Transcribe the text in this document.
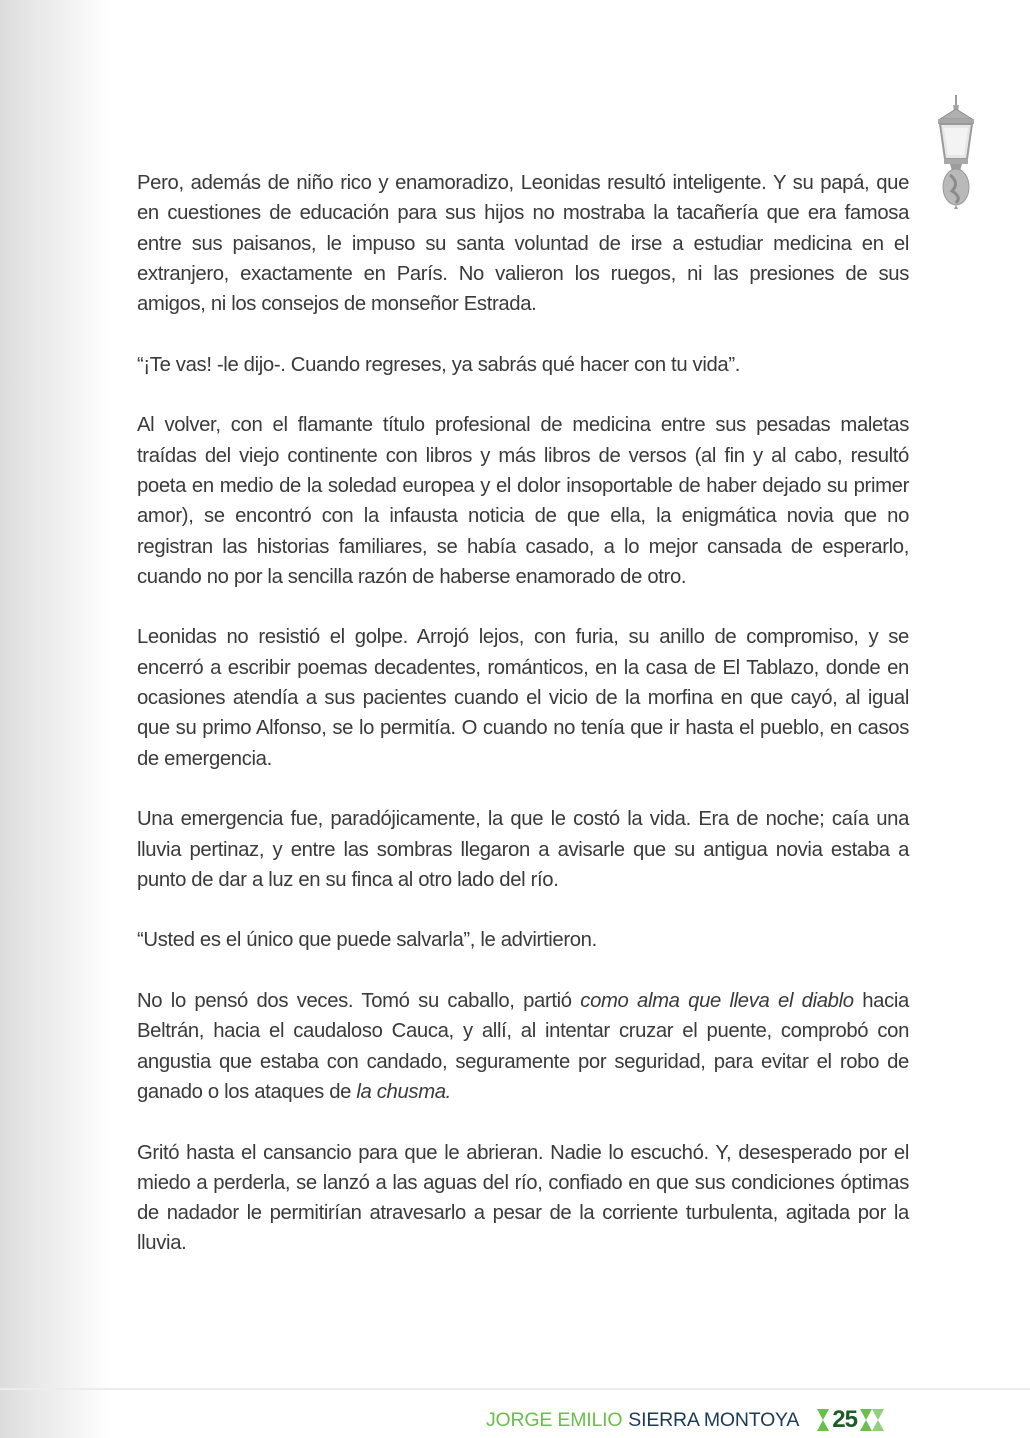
Pero, además de niño rico y enamoradizo, Leonidas resultó inteligente. Y su papá, que en cuestiones de educación para sus hijos no mostraba la tacañería que era famosa entre sus paisanos, le impuso su santa voluntad de irse a estudiar medicina en el extranjero, exactamente en París. No valieron los ruegos, ni las presiones de sus amigos, ni los consejos de monseñor Estrada.

“¡Te vas! -le dijo-. Cuando regreses, ya sabrás qué hacer con tu vida”.

Al volver, con el flamante título profesional de medicina entre sus pesadas maletas traídas del viejo continente con libros y más libros de versos (al fin y al cabo, resultó poeta en medio de la soledad europea y el dolor insoportable de haber dejado su primer amor), se encontró con la infausta noticia de que ella, la enigmática novia que no registran las historias familiares, se había casado, a lo mejor cansada de esperarlo, cuando no por la sencilla razón de haberse enamorado de otro.

Leonidas no resistió el golpe. Arrojó lejos, con furia, su anillo de compromiso, y se encerró a escribir poemas decadentes, románticos, en la casa de El Tablazo, donde en ocasiones atendía a sus pacientes cuando el vicio de la morfina en que cayó, al igual que su primo Alfonso, se lo permitía. O cuando no tenía que ir hasta el pueblo, en casos de emergencia.

Una emergencia fue, paradójicamente, la que le costó la vida. Era de noche; caía una lluvia pertinaz, y entre las sombras llegaron a avisarle que su antigua novia estaba a punto de dar a luz en su finca al otro lado del río.

“Usted es el único que puede salvarla”, le advirtieron.

No lo pensó dos veces. Tomó su caballo, partió como alma que lleva el diablo hacia Beltrán, hacia el caudaloso Cauca, y allí, al intentar cruzar el puente, comprobó con angustia que estaba con candado, seguramente por seguridad, para evitar el robo de ganado o los ataques de la chusma.

Gritó hasta el cansancio para que le abrieran. Nadie lo escuchó. Y, desesperado por el miedo a perderla, se lanzó a las aguas del río, confiado en que sus condiciones óptimas de nadador le permitirían atravesarlo a pesar de la corriente turbulenta, agitada por la lluvia.

JORGE EMILIO SIERRA MONTOYA 25
